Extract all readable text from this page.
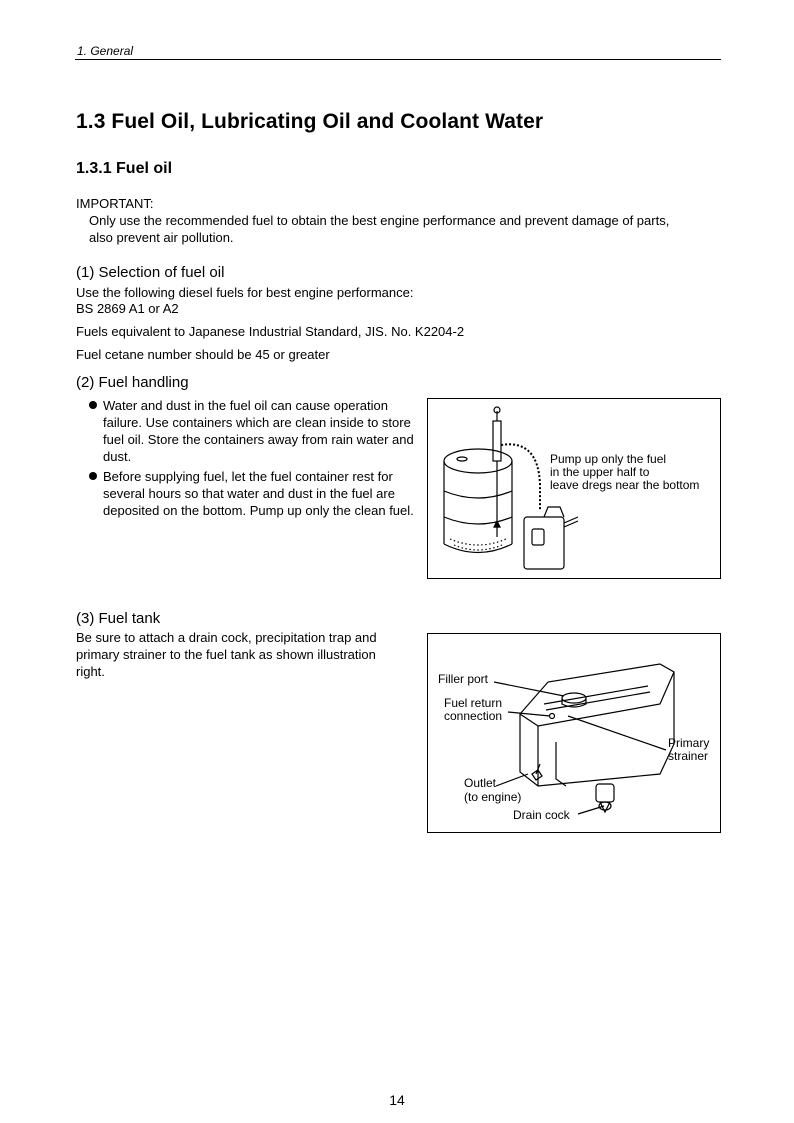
1. General
1.3 Fuel Oil, Lubricating Oil and Coolant Water
1.3.1 Fuel oil
IMPORTANT:
Only use the recommended fuel to obtain the best engine performance and prevent damage of parts,
also prevent air pollution.
(1) Selection of fuel oil
Use the following diesel fuels for best engine performance:
BS 2869 A1 or A2
Fuels equivalent to Japanese Industrial Standard, JIS. No. K2204-2
Fuel cetane number should be 45 or greater
(2) Fuel handling
Water and dust in the fuel oil can cause operation failure. Use containers which are clean inside to store fuel oil. Store the containers away from rain water and dust.
Before supplying fuel, let the fuel container rest for several hours so that water and dust in the fuel are deposited on the bottom. Pump up only the clean fuel.
Pump up only the fuel
in the upper half to
leave dregs near the bottom
(3) Fuel tank
Be sure to attach a drain cock, precipitation trap and
primary strainer to the fuel tank as shown illustration
right.	Filler port
Fuel return
connection
Primary
strainer
Outlet
(to engine)
Drain cock
14
